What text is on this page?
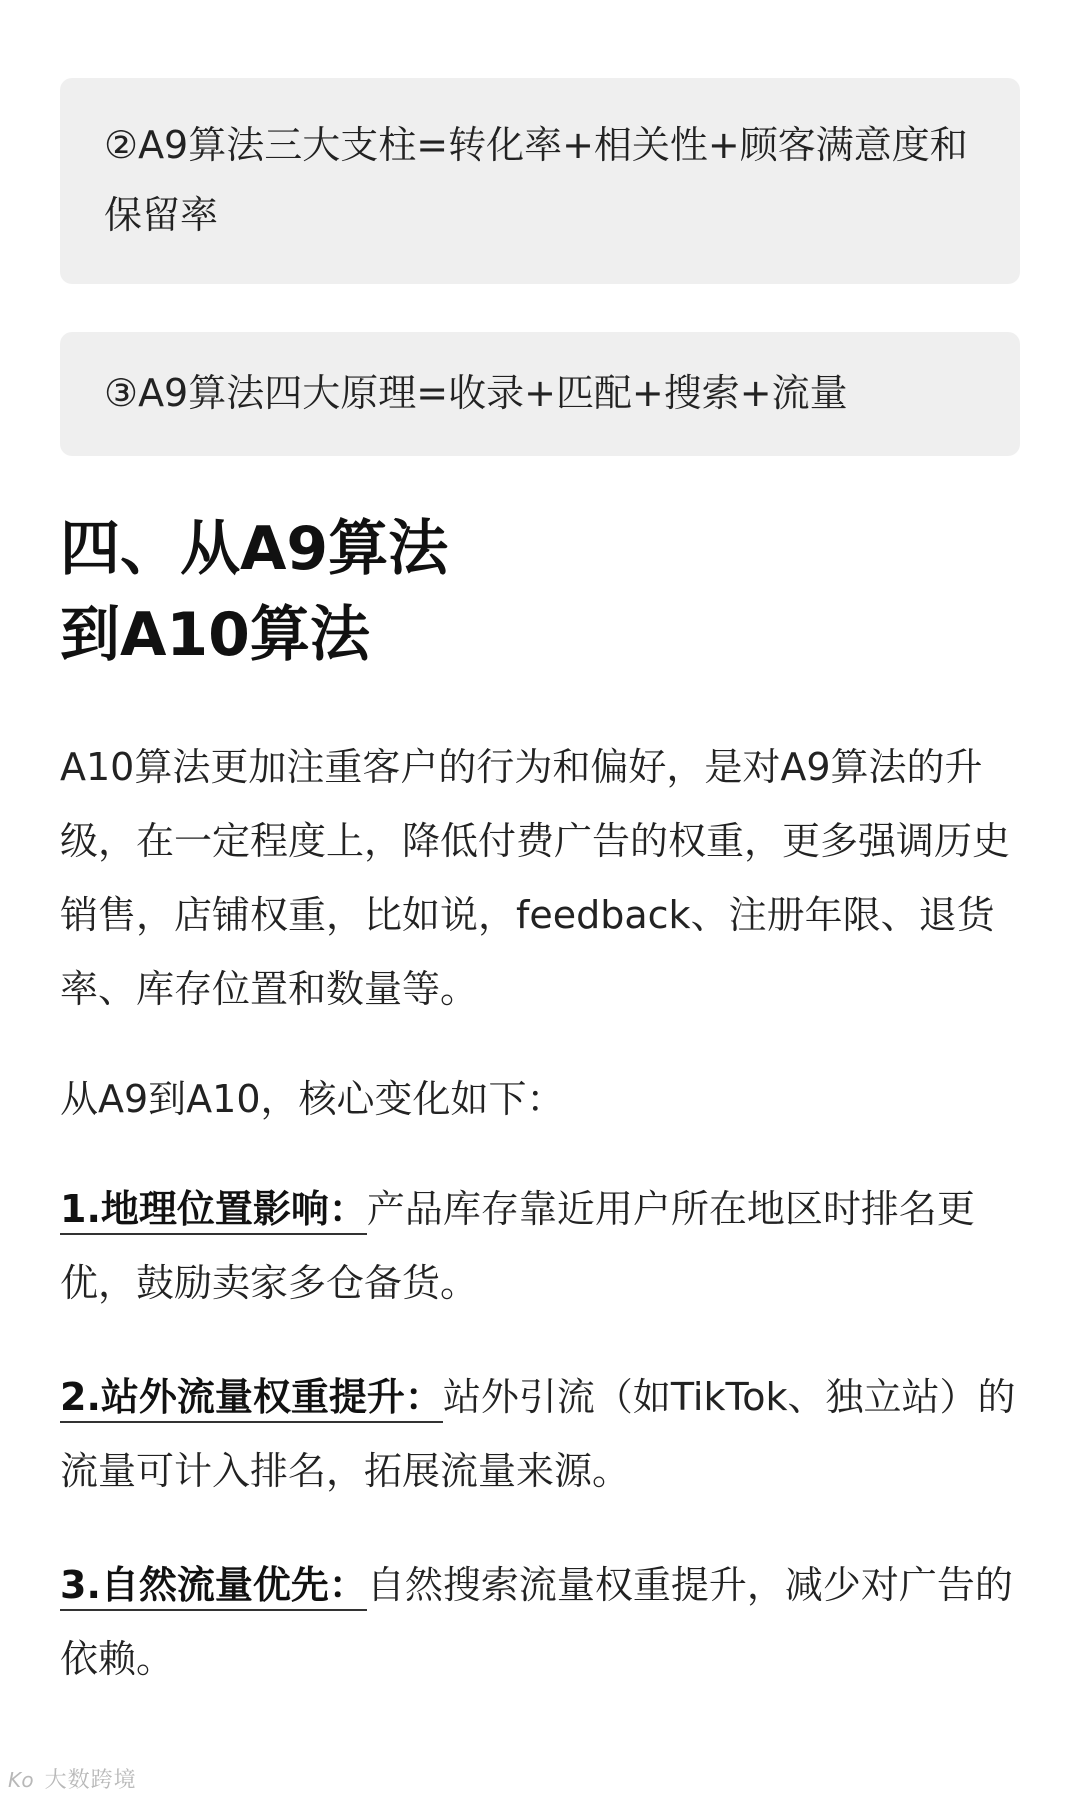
②A9算法三大支柱=转化率+相关性+顾客满意度和保留率
③A9算法四大原理=收录+匹配+搜索+流量
四、从A9算法
到A10算法

A10算法更加注重客户的行为和偏好，是对A9算法的升级，在一定程度上，降低付费广告的权重，更多强调历史销售，店铺权重，比如说，feedback、注册年限、退货率、库存位置和数量等。

从A9到A10，核心变化如下：

1.地理位置影响：产品库存靠近用户所在地区时排名更优，鼓励卖家多仓备货。

2.站外流量权重提升：站外引流（如TikTok、独立站）的流量可计入排名，拓展流量来源。

3.自然流量优先：自然搜索流量权重提升，减少对广告的依赖。

Ko 大数跨境
